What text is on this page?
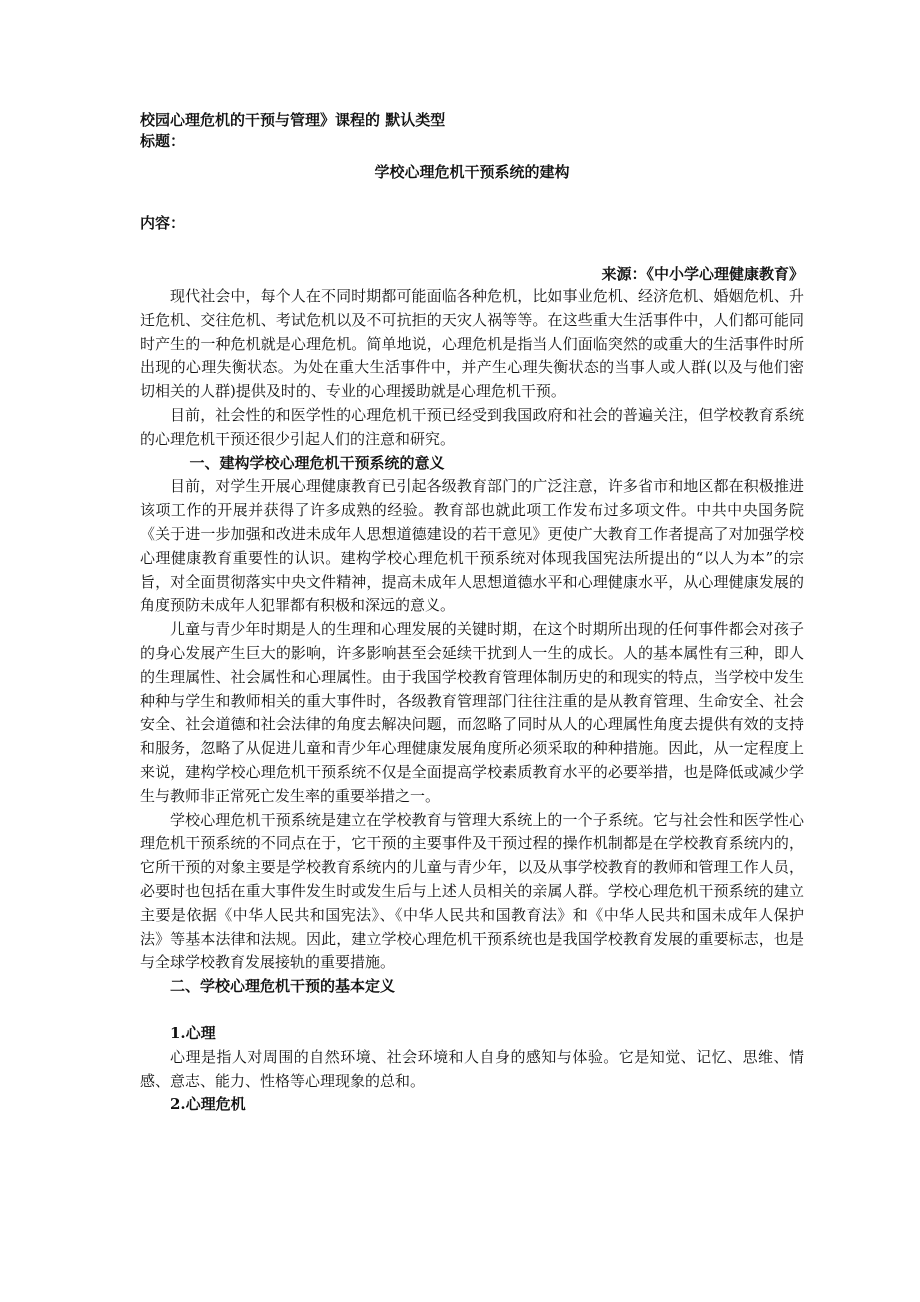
校园心理危机的干预与管理》课程的 默认类型

标题：

学校心理危机干预系统的建构

内容：

来源：《中小学心理健康教育》

现代社会中，每个人在不同时期都可能面临各种危机，比如事业危机、经济危机、婚姻危机、升迁危机、交往危机、考试危机以及不可抗拒的天灾人祸等等。在这些重大生活事件中，人们都可能同时产生的一种危机就是心理危机。简单地说，心理危机是指当人们面临突然的或重大的生活事件时所出现的心理失衡状态。为处在重大生活事件中，并产生心理失衡状态的当事人或人群(以及与他们密切相关的人群)提供及时的、专业的心理援助就是心理危机干预。

目前，社会性的和医学性的心理危机干预已经受到我国政府和社会的普遍关注，但学校教育系统的心理危机干预还很少引起人们的注意和研究。

一、建构学校心理危机干预系统的意义

目前，对学生开展心理健康教育已引起各级教育部门的广泛注意，许多省市和地区都在积极推进该项工作的开展并获得了许多成熟的经验。教育部也就此项工作发布过多项文件。中共中央国务院《关于进一步加强和改进未成年人思想道德建设的若干意见》更使广大教育工作者提高了对加强学校心理健康教育重要性的认识。建构学校心理危机干预系统对体现我国宪法所提出的“以人为本”的宗旨，对全面贯彻落实中央文件精神，提高未成年人思想道德水平和心理健康水平，从心理健康发展的角度预防未成年人犯罪都有积极和深远的意义。

儿童与青少年时期是人的生理和心理发展的关键时期，在这个时期所出现的任何事件都会对孩子的身心发展产生巨大的影响，许多影响甚至会延续干扰到人一生的成长。人的基本属性有三种，即人的生理属性、社会属性和心理属性。由于我国学校教育管理体制历史的和现实的特点，当学校中发生种种与学生和教师相关的重大事件时，各级教育管理部门往往注重的是从教育管理、生命安全、社会安全、社会道德和社会法律的角度去解决问题，而忽略了同时从人的心理属性角度去提供有效的支持和服务，忽略了从促进儿童和青少年心理健康发展角度所必须采取的种种措施。因此，从一定程度上来说，建构学校心理危机干预系统不仅是全面提高学校素质教育水平的必要举措，也是降低或减少学生与教师非正常死亡发生率的重要举措之一。

学校心理危机干预系统是建立在学校教育与管理大系统上的一个子系统。它与社会性和医学性心理危机干预系统的不同点在于，它干预的主要事件及干预过程的操作机制都是在学校教育系统内的，它所干预的对象主要是学校教育系统内的儿童与青少年，以及从事学校教育的教师和管理工作人员，必要时也包括在重大事件发生时或发生后与上述人员相关的亲属人群。学校心理危机干预系统的建立主要是依据《中华人民共和国宪法》、《中华人民共和国教育法》和《中华人民共和国未成年人保护法》等基本法律和法规。因此，建立学校心理危机干预系统也是我国学校教育发展的重要标志，也是与全球学校教育发展接轨的重要措施。

二、学校心理危机干预的基本定义

1.心理

心理是指人对周围的自然环境、社会环境和人自身的感知与体验。它是知觉、记忆、思维、情感、意志、能力、性格等心理现象的总和。

2.心理危机
